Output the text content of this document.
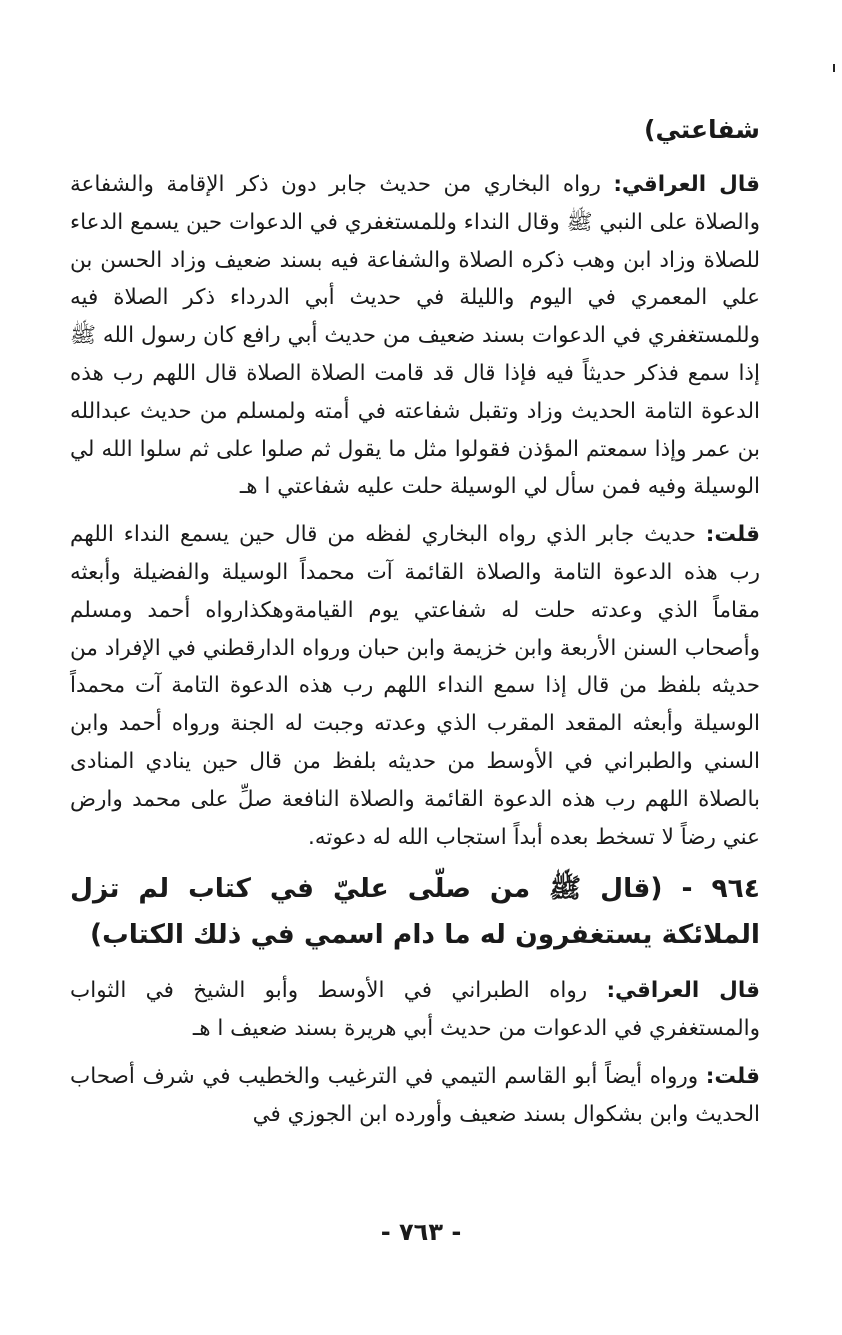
شفاعتي)

قال العراقي: رواه البخاري من حديث جابر دون ذكر الإقامة والشفاعة والصلاة على النبي ﷺ وقال النداء وللمستغفري في الدعوات حين يسمع الدعاء للصلاة وزاد ابن وهب ذكره الصلاة والشفاعة فيه بسند ضعيف وزاد الحسن بن علي المعمري في اليوم والليلة في حديث أبي الدرداء ذكر الصلاة فيه وللمستغفري في الدعوات بسند ضعيف من حديث أبي رافع كان رسول الله ﷺ إذا سمع فذكر حديثاً فيه فإذا قال قد قامت الصلاة الصلاة قال اللهم رب هذه الدعوة التامة الحديث وزاد وتقبل شفاعته في أمته ولمسلم من حديث عبدالله بن عمر وإذا سمعتم المؤذن فقولوا مثل ما يقول ثم صلوا على ثم سلوا الله لي الوسيلة وفيه فمن سأل لي الوسيلة حلت عليه شفاعتي ا هـ

قلت: حديث جابر الذي رواه البخاري لفظه من قال حين يسمع النداء اللهم رب هذه الدعوة التامة والصلاة القائمة آت محمداً الوسيلة والفضيلة وأبعثه مقاماً الذي وعدته حلت له شفاعتي يوم القيامةوهكذارواه أحمد ومسلم وأصحاب السنن الأربعة وابن خزيمة وابن حبان ورواه الدارقطني في الإفراد من حديثه بلفظ من قال إذا سمع النداء اللهم رب هذه الدعوة التامة آت محمداً الوسيلة وأبعثه المقعد المقرب الذي وعدته وجبت له الجنة ورواه أحمد وابن السني والطبراني في الأوسط من حديثه بلفظ من قال حين ينادي المنادى بالصلاة اللهم رب هذه الدعوة القائمة والصلاة النافعة صلِّ على محمد وارض عني رضاً لا تسخط بعده أبداً استجاب الله له دعوته.

٩٦٤ - (قال ﷺ من صلّى عليّ في كتاب لم تزل الملائكة يستغفرون له ما دام اسمي في ذلك الكتاب)

قال العراقي: رواه الطبراني في الأوسط وأبو الشيخ في الثواب والمستغفري في الدعوات من حديث أبي هريرة بسند ضعيف ا هـ

قلت: ورواه أيضاً أبو القاسم التيمي في الترغيب والخطيب في شرف أصحاب الحديث وابن بشكوال بسند ضعيف وأورده ابن الجوزي في

- ٧٦٣ -
